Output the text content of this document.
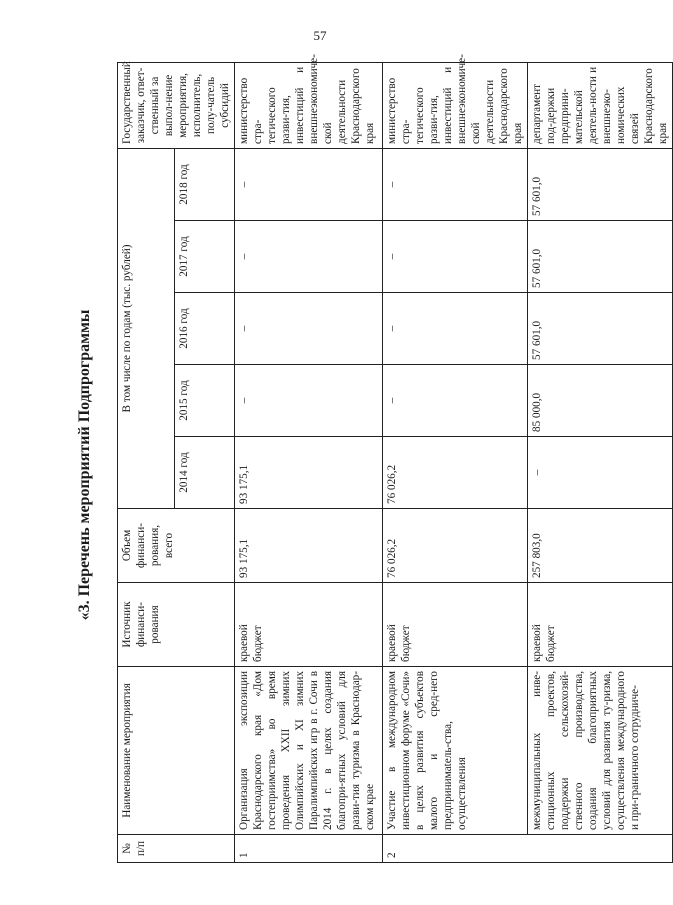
57
«3. Перечень мероприятий Подпрограммы
№ п/п	Наименование мероприятия	Источник финанси-рования	Объем финанси-рования, всего	В том числе по годам (тыс. рублей)					Государственный заказчик, ответ-ственный за выпол-нение мероприятия, исполнитель, полу-чатель субсидий
				2014 год	2015 год	2016 год	2017 год	2018 год	
1	Организация экспозиции Краснодарского края «Дом гостеприимства» во время проведения XXII зимних Олимпийских и XI зимних Паралимпийских игр в г. Сочи в 2014 г. в целях создания благопри-ятных условий для разви-тия туризма в Краснодар-ском крае	краевой бюджет	93 175,1	93 175,1	–	–	–	–	министерство стра-тегического разви-тия, инвестиций и внешнеэкономиче-ской деятельности Краснодарского края
2	Участие в международном инвестиционном форуме «Сочи» в целях развития субъектов малого и сред-него предпринимatель-ства, осуществления	краевой бюджет	76 026,2	76 026,2	–	–	–	–	министерство стра-тегического разви-тия, инвестиций и внешнеэкономиче-ской деятельности Краснодарского края
	межмуниципальных инве-стиционных проектов, поддержки сельскохозяй-ственного производства, создания благоприятных условий для развития ту-ризма, осуществления международного и при-граничного сотрудниче-	краевой бюджет	257 803,0	–	85 000,0	57 601,0	57 601,0	57 601,0	департамент под-держки предприни-мательской деятель-ности и внешнеэко-номических связей Краснодарского края
